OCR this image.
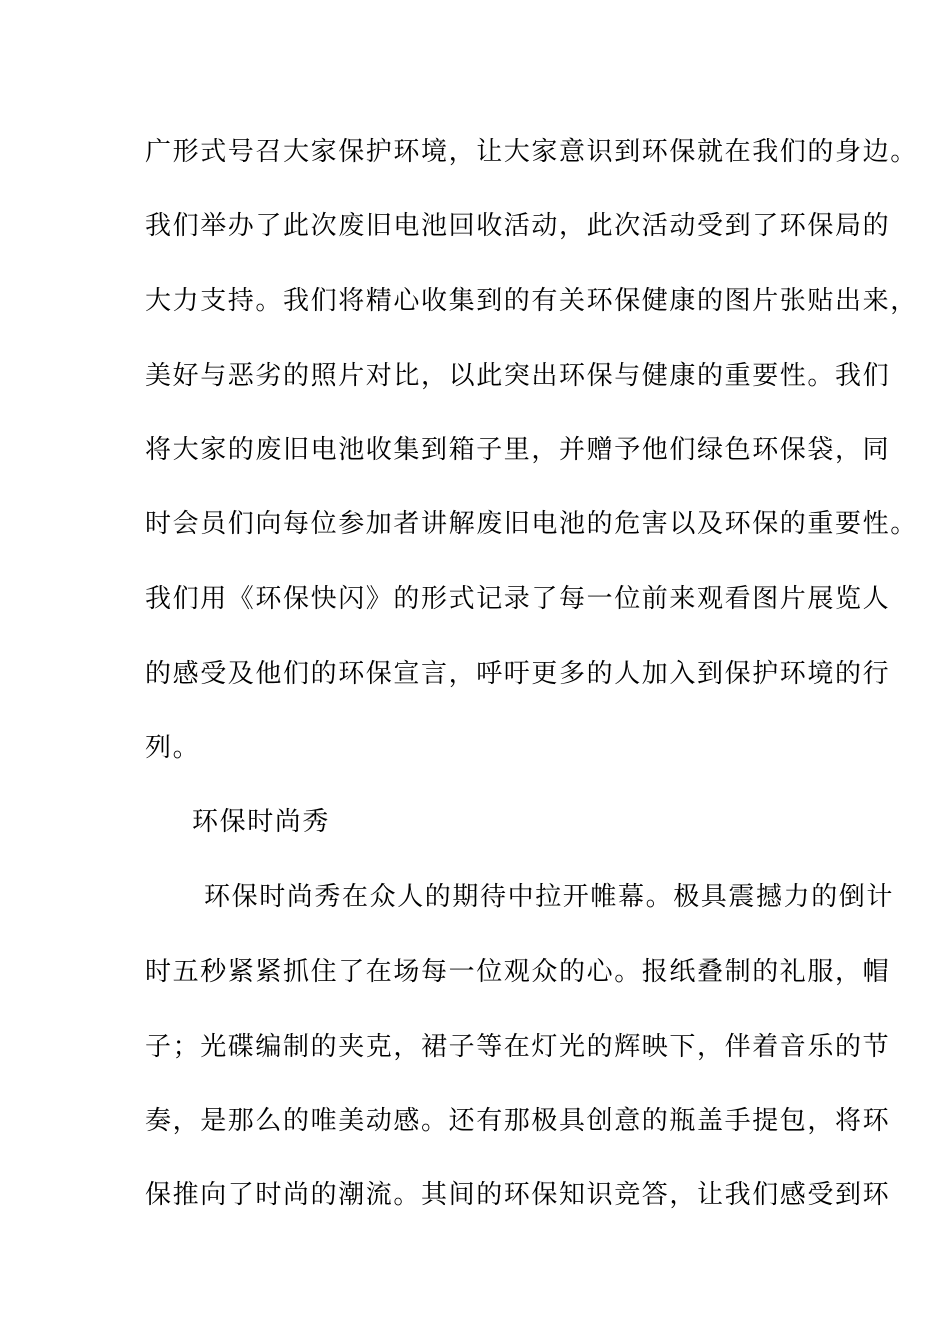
广形式号召大家保护环境，让大家意识到环保就在我们的身边。
我们举办了此次废旧电池回收活动，此次活动受到了环保局的
大力支持。我们将精心收集到的有关环保健康的图片张贴出来，
美好与恶劣的照片对比，以此突出环保与健康的重要性。我们
将大家的废旧电池收集到箱子里，并赠予他们绿色环保袋，同
时会员们向每位参加者讲解废旧电池的危害以及环保的重要性。
我们用《环保快闪》的形式记录了每一位前来观看图片展览人
的感受及他们的环保宣言，呼吁更多的人加入到保护环境的行
列。
环保时尚秀
环保时尚秀在众人的期待中拉开帷幕。极具震撼力的倒计
时五秒紧紧抓住了在场每一位观众的心。报纸叠制的礼服，帽
子；光碟编制的夹克，裙子等在灯光的辉映下，伴着音乐的节
奏，是那么的唯美动感。还有那极具创意的瓶盖手提包，将环
保推向了时尚的潮流。其间的环保知识竞答，让我们感受到环
